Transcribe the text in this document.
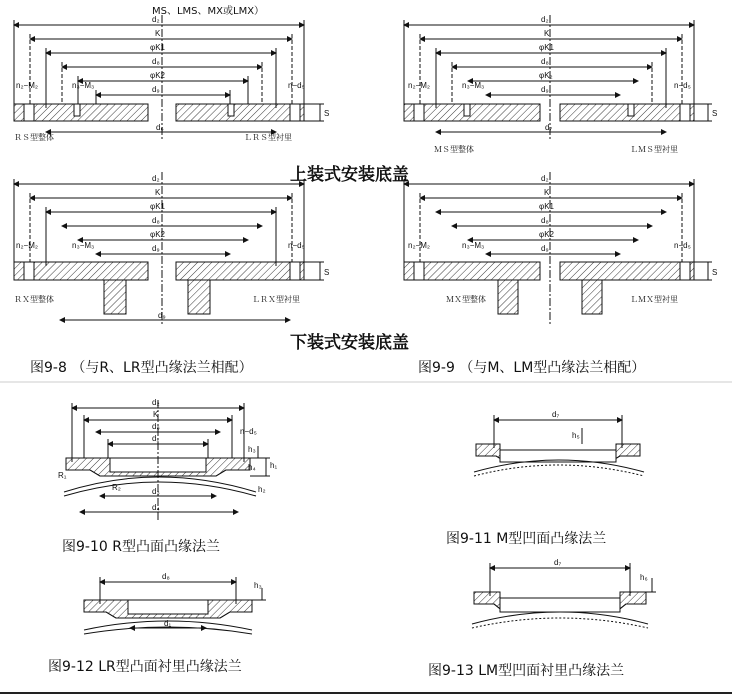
MS、LMS、MX或LMX）
d₂
K
φK1
d₈
φK2
d₉
n₂−M₂	n₃−M₃	n−d₅
S
d₆
ＲＳ型整体	ＬＲＳ型衬里
d₂
K
φK1
d₈
φK₂
d₉
n₂−M₂	n₃−M₃	n−d₅
S
d₇
ＭＳ型整体	ＬＭＳ型衬里
d₂
K
φK1
d₈
φK2
d₉
n₂−M₂	n₃−M₃	n−d₅
S
d₉
ＲＸ型整体	ＬＲＸ型衬里
d₂
K
φK1
d₈
φK2
d₉
n₂−M₂	n₃−M₃	n−d₅
S
ＭＸ型整体	ＬＭＸ型衬里
d₂
K
d₈
d₁
n−d₅
h₃
h₁
h₂
h₄
R₁
R₂	d₃
d₄
d₇
h₅
d₈
d₁
h₃
d₇
h₆
上装式安装底盖
下装式安装底盖
图9-8 （与R、LR型凸缘法兰相配）	图9-9 （与M、LM型凸缘法兰相配）
图9-10 R型凸面凸缘法兰	图9-11 M型凹面凸缘法兰
图9-12 LR型凸面衬里凸缘法兰	图9-13 LM型凹面衬里凸缘法兰
